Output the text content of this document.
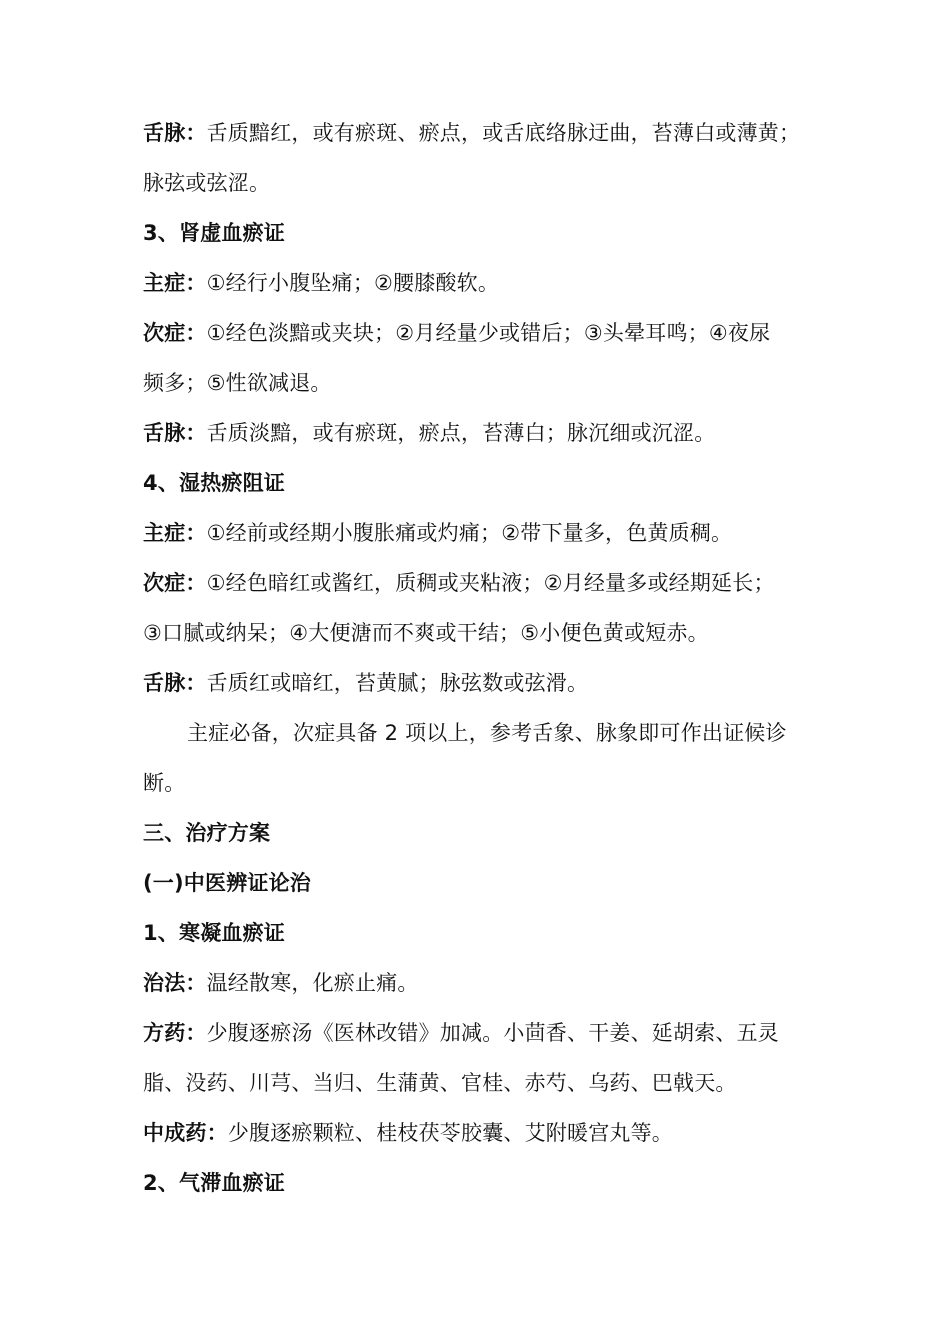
舌脉：舌质黯红，或有瘀斑、瘀点，或舌底络脉迂曲，苔薄白或薄黄；
脉弦或弦涩。
3、肾虚血瘀证
主症：①经行小腹坠痛；②腰膝酸软。
次症：①经色淡黯或夹块；②月经量少或错后；③头晕耳鸣；④夜尿
频多；⑤性欲减退。
舌脉：舌质淡黯，或有瘀斑，瘀点，苔薄白；脉沉细或沉涩。
4、湿热瘀阻证
主症：①经前或经期小腹胀痛或灼痛；②带下量多，色黄质稠。
次症：①经色暗红或酱红，质稠或夹粘液；②月经量多或经期延长；
③口腻或纳呆；④大便溏而不爽或干结；⑤小便色黄或短赤。
舌脉：舌质红或暗红，苔黄腻；脉弦数或弦滑。
主症必备，次症具备 2 项以上，参考舌象、脉象即可作出证候诊
断。
三、治疗方案
(一)中医辨证论治
1、寒凝血瘀证
治法：温经散寒，化瘀止痛。
方药：少腹逐瘀汤《医林改错》加减。小茴香、干姜、延胡索、五灵
脂、没药、川芎、当归、生蒲黄、官桂、赤芍、乌药、巴戟天。
中成药：少腹逐瘀颗粒、桂枝茯苓胶囊、艾附暖宫丸等。
2、气滞血瘀证
